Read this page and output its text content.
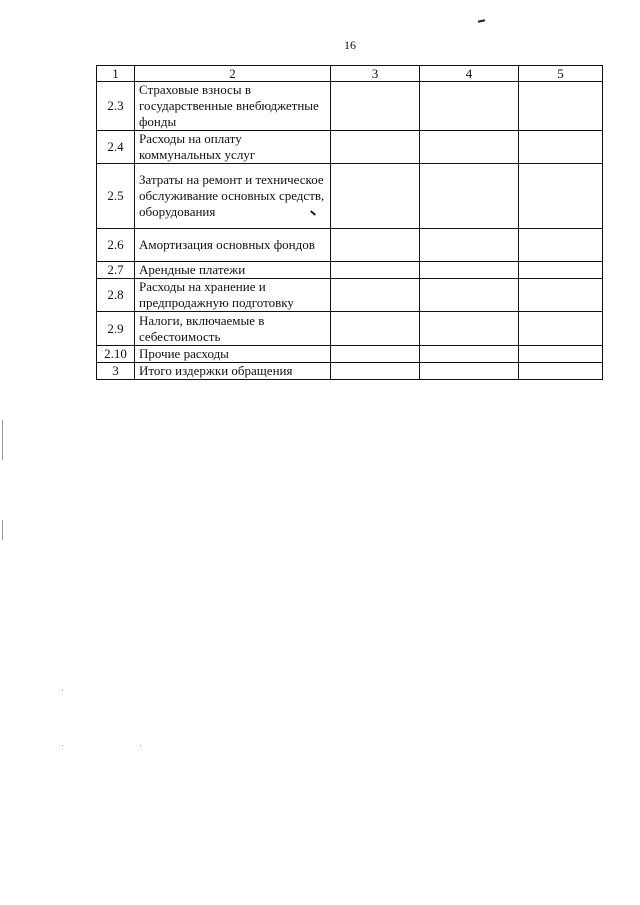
16
1	2	3	4	5
2.3	Страховые взносы в государственные внебюджетные фонды			
2.4	Расходы на оплату коммунальных услуг			
2.5	Затраты на ремонт и техническое обслуживание основных средств, оборудования			
2.6	Амортизация основных фондов			
2.7	Арендные платежи			
2.8	Расходы на хранение и предпродажную подготовку			
2.9	Налоги, включаемые в себестоимость			
2.10	Прочие расходы			
3	Итого издержки обращения			
